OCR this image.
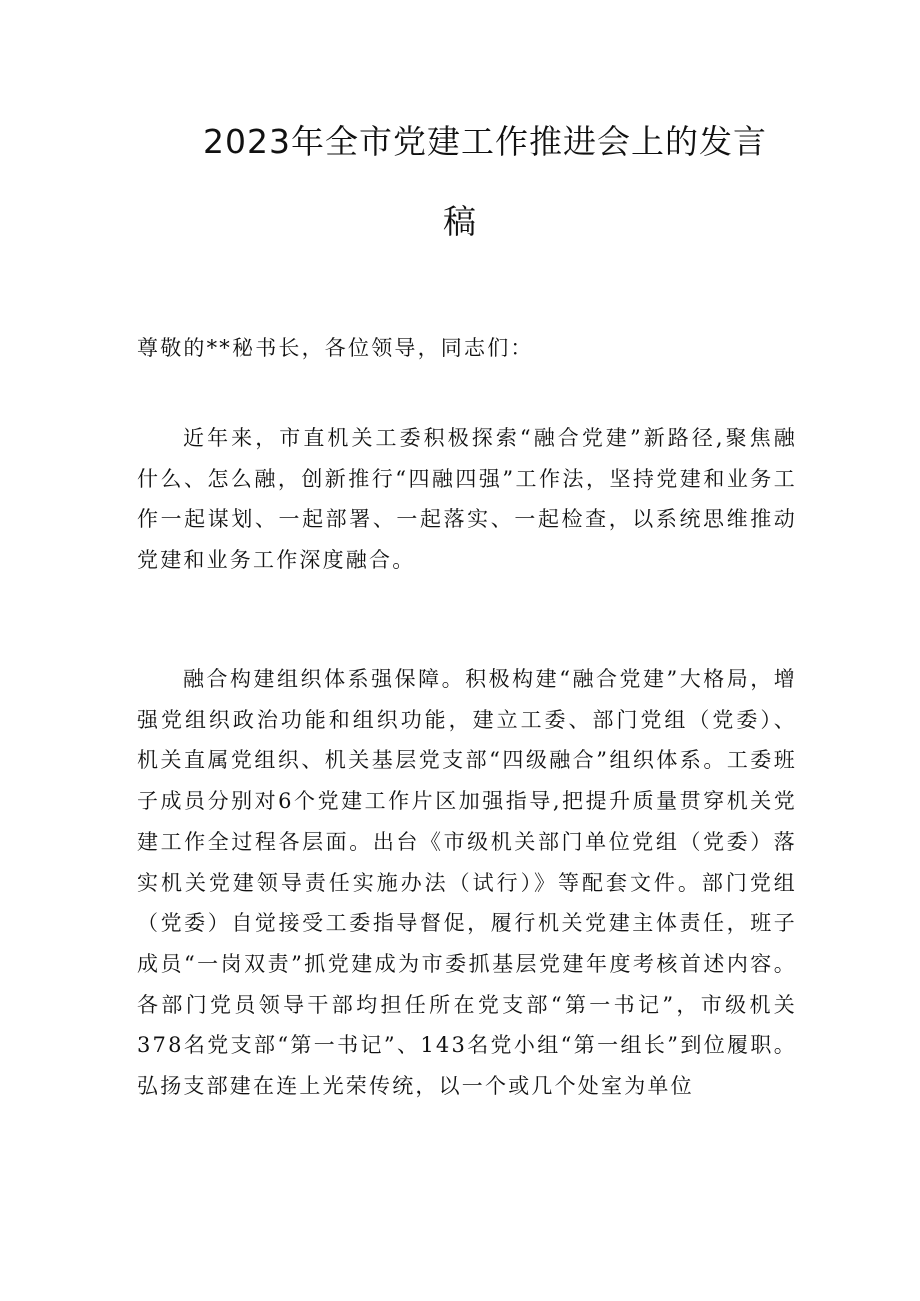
2023年全市党建工作推进会上的发言
稿

尊敬的**秘书长，各位领导，同志们：

近年来，市直机关工委积极探索“融合党建”新路径,聚焦融什么、怎么融，创新推行“四融四强”工作法，坚持党建和业务工作一起谋划、一起部署、一起落实、一起检查，以系统思维推动党建和业务工作深度融合。

融合构建组织体系强保障。积极构建“融合党建”大格局，增强党组织政治功能和组织功能，建立工委、部门党组（党委）、机关直属党组织、机关基层党支部“四级融合”组织体系。工委班子成员分别对6个党建工作片区加强指导,把提升质量贯穿机关党建工作全过程各层面。出台《市级机关部门单位党组（党委）落实机关党建领导责任实施办法（试行）》等配套文件。部门党组（党委）自觉接受工委指导督促，履行机关党建主体责任，班子成员“一岗双责”抓党建成为市委抓基层党建年度考核首述内容。各部门党员领导干部均担任所在党支部“第一书记”，市级机关378名党支部“第一书记”、143名党小组“第一组长”到位履职。弘扬支部建在连上光荣传统，以一个或几个处室为单位
